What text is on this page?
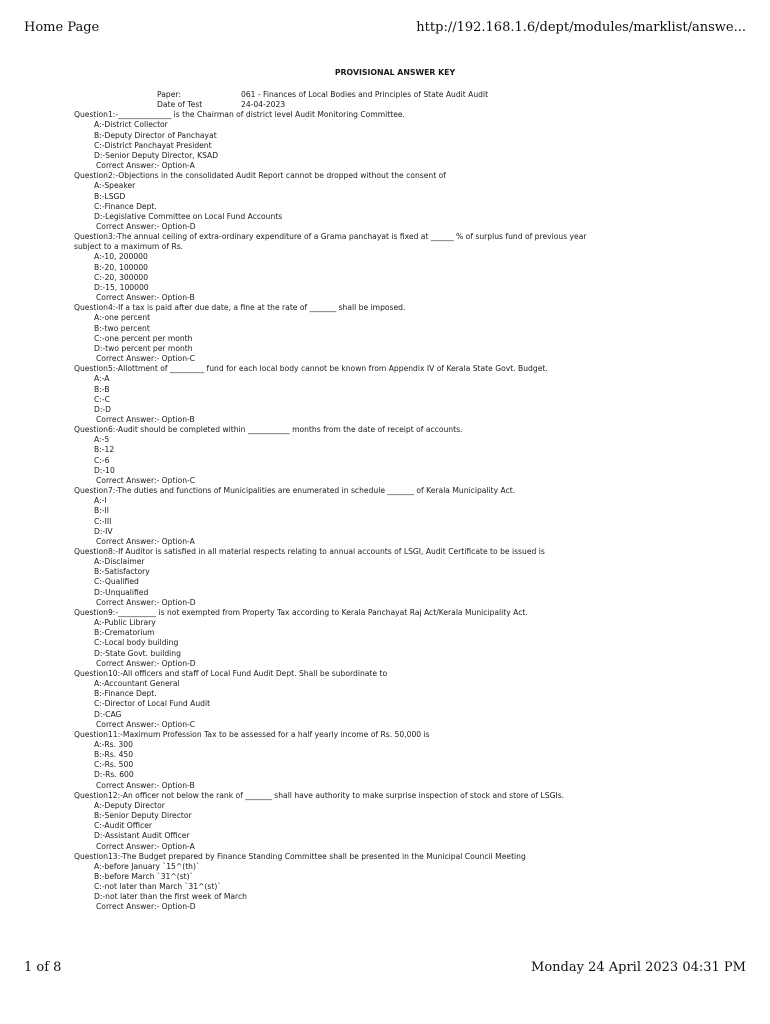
Home Page	http://192.168.1.6/dept/modules/marklist/answe...
PROVISIONAL ANSWER KEY
Paper:	061 - Finances of Local Bodies and Principles of State Audit Audit
Date of Test	24-04-2023
Question1:-______________ is the Chairman of district level Audit Monitoring Committee.
A:-District Collector
B:-Deputy Director of Panchayat
C:-District Panchayat President
D:-Senior Deputy Director, KSAD
Correct Answer:- Option-A
Question2:-Objections in the consolidated Audit Report cannot be dropped without the consent of
A:-Speaker
B:-LSGD
C:-Finance Dept.
D:-Legislative Committee on Local Fund Accounts
Correct Answer:- Option-D
Question3:-The annual ceiling of extra-ordinary expenditure of a Grama panchayat is fixed at ______ % of surplus fund of previous year subject to a maximum of Rs.
A:-10, 200000
B:-20, 100000
C:-20, 300000
D:-15, 100000
Correct Answer:- Option-B
Question4:-If a tax is paid after due date, a fine at the rate of _______ shall be imposed.
A:-one percent
B:-two percent
C:-one percent per month
D:-two percent per month
Correct Answer:- Option-C
Question5:-Allottment of _________ fund for each local body cannot be known from Appendix IV of Kerala State Govt. Budget.
A:-A
B:-B
C:-C
D:-D
Correct Answer:- Option-B
Question6:-Audit should be completed within ___________ months from the date of receipt of accounts.
A:-5
B:-12
C:-6
D:-10
Correct Answer:- Option-C
Question7:-The duties and functions of Municipalities are enumerated in schedule _______ of Kerala Municipality Act.
A:-I
B:-II
C:-III
D:-IV
Correct Answer:- Option-A
Question8:-If Auditor is satisfied in all material respects relating to annual accounts of LSGI, Audit Certificate to be issued is
A:-Disclaimer
B:-Satisfactory
C:-Qualified
D:-Unqualified
Correct Answer:- Option-D
Question9:-__________ is not exempted from Property Tax according to Kerala Panchayat Raj Act/Kerala Municipality Act.
A:-Public Library
B:-Crematorium
C:-Local body building
D:-State Govt. building
Correct Answer:- Option-D
Question10:-All officers and staff of Local Fund Audit Dept. Shall be subordinate to
A:-Accountant General
B:-Finance Dept.
C:-Director of Local Fund Audit
D:-CAG
Correct Answer:- Option-C
Question11:-Maximum Profession Tax to be assessed for a half yearly income of Rs. 50,000 is
A:-Rs. 300
B:-Rs. 450
C:-Rs. 500
D:-Rs. 600
Correct Answer:- Option-B
Question12:-An officer not below the rank of _______ shall have authority to make surprise inspection of stock and store of LSGIs.
A:-Deputy Director
B:-Senior Deputy Director
C:-Audit Officer
D:-Assistant Audit Officer
Correct Answer:- Option-A
Question13:-The Budget prepared by Finance Standing Committee shall be presented in the Municipal Council Meeting
A:-before January `15^(th)`
B:-before March `31^(st)`
C:-not later than March `31^(st)`
D:-not later than the first week of March
Correct Answer:- Option-D
1 of 8	Monday 24 April 2023 04:31 PM
